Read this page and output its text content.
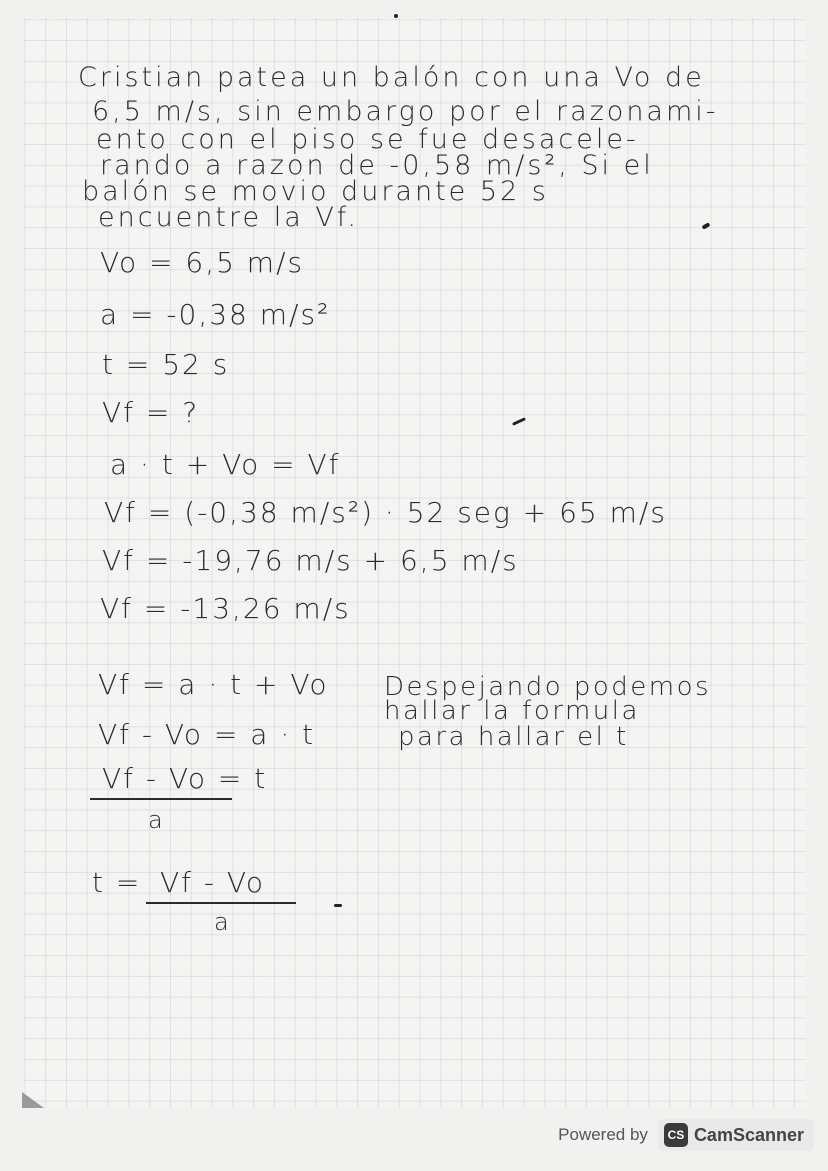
Cristian patea un balón con una Vo de
6,5 m/s, sin embargo por el razonami-
ento con el piso se fue desacele-
rando a razon de -0,58 m/s², Si el
balón se movio durante 52 s
encuentre la Vf.
Vo = 6,5 m/s
a = -0,38 m/s²
t = 52 s
Vf = ?
a · t + Vo = Vf
Vf = (-0,38 m/s²) · 52 seg + 65 m/s
Vf = -19,76 m/s + 6,5 m/s
Vf = -13,26 m/s
Vf = a · t + Vo
Vf - Vo = a · t
Vf - Vo = t
a
t = Vf - Vo
a
Despejando podemos
hallar la formula
para hallar el t
Powered by	CS CamScanner
